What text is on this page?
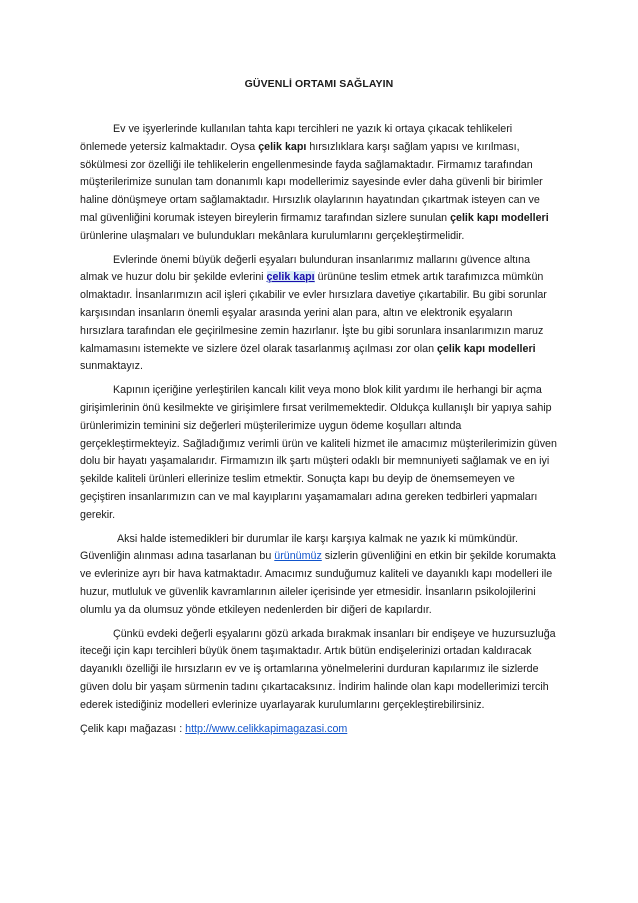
GÜVENLİ ORTAMI SAĞLAYIN

Ev ve işyerlerinde kullanılan tahta kapı tercihleri ne yazık ki ortaya çıkacak tehlikeleri önlemede yetersiz kalmaktadır. Oysa çelik kapı hırsızlıklara karşı sağlam yapısı ve kırılması, sökülmesi zor özelliği ile tehlikelerin engellenmesinde fayda sağlamaktadır. Firmamız tarafından müşterilerimize sunulan tam donanımlı kapı modellerimiz sayesinde evler daha güvenli bir birimler haline dönüşmeye ortam sağlamaktadır. Hırsızlık olaylarının hayatından çıkartmak isteyen can ve mal güvenliğini korumak isteyen bireylerin firmamız tarafından sizlere sunulan çelik kapı modelleri ürünlerine ulaşmaları ve bulundukları mekânlara kurulumlarını gerçekleştirmelidir.

Evlerinde önemi büyük değerli eşyaları bulunduran insanlarımız mallarını güvence altına almak ve huzur dolu bir şekilde evlerini çelik kapı ürününe teslim etmek artık tarafımızca mümkün olmaktadır. İnsanlarımızın acil işleri çıkabilir ve evler hırsızlara davetiye çıkartabilir. Bu gibi sorunlar karşısından insanların önemli eşyalar arasında yerini alan para, altın ve elektronik eşyaların hırsızlara tarafından ele geçirilmesine zemin hazırlanır. İşte bu gibi sorunlara insanlarımızın maruz kalmamasını istemekte ve sizlere özel olarak tasarlanmış açılması zor olan çelik kapı modelleri sunmaktayız.

Kapının içeriğine yerleştirilen kancalı kilit veya mono blok kilit yardımı ile herhangi bir açma girişimlerinin önü kesilmekte ve girişimlere fırsat verilmemektedir. Oldukça kullanışlı bir yapıya sahip ürünlerimizin teminini siz değerleri müşterilerimize uygun ödeme koşulları altında gerçekleştirmekteyiz. Sağladığımız verimli ürün ve kaliteli hizmet ile amacımız müşterilerimizin güven dolu bir hayatı yaşamalarıdır. Firmamızın ilk şartı müşteri odaklı bir memnuniyeti sağlamak ve en iyi şekilde kaliteli ürünleri ellerinize teslim etmektir. Sonuçta kapı bu deyip de önemsemeyen ve geçiştiren insanlarımızın can ve mal kayıplarını yaşamamaları adına gereken tedbirleri yapmaları gerekir.

Aksi halde istemedikleri bir durumlar ile karşı karşıya kalmak ne yazık ki mümkündür. Güvenliğin alınması adına tasarlanan bu ürünümüz sizlerin güvenliğini en etkin bir şekilde korumakta ve evlerinize ayrı bir hava katmaktadır. Amacımız sunduğumuz kaliteli ve dayanıklı kapı modelleri ile huzur, mutluluk ve güvenlik kavramlarının aileler içerisinde yer etmesidir. İnsanların psikolojilerini olumlu ya da olumsuz yönde etkileyen nedenlerden bir diğeri de kapılardır.

Çünkü evdeki değerli eşyalarını gözü arkada bırakmak insanları bir endişeye ve huzursuzluğa iteceği için kapı tercihleri büyük önem taşımaktadır. Artık bütün endişelerinizi ortadan kaldıracak dayanıklı özelliği ile hırsızların ev ve iş ortamlarına yönelmelerini durduran kapılarımız ile sizlerde güven dolu bir yaşam sürmenin tadını çıkartacaksınız. İndirim halinde olan kapı modellerimizi tercih ederek istediğiniz modelleri evlerinize uyarlayarak kurulumlarını gerçekleştirebilirsiniz.

Çelik kapı mağazası : http://www.celikkapimagazasi.com
